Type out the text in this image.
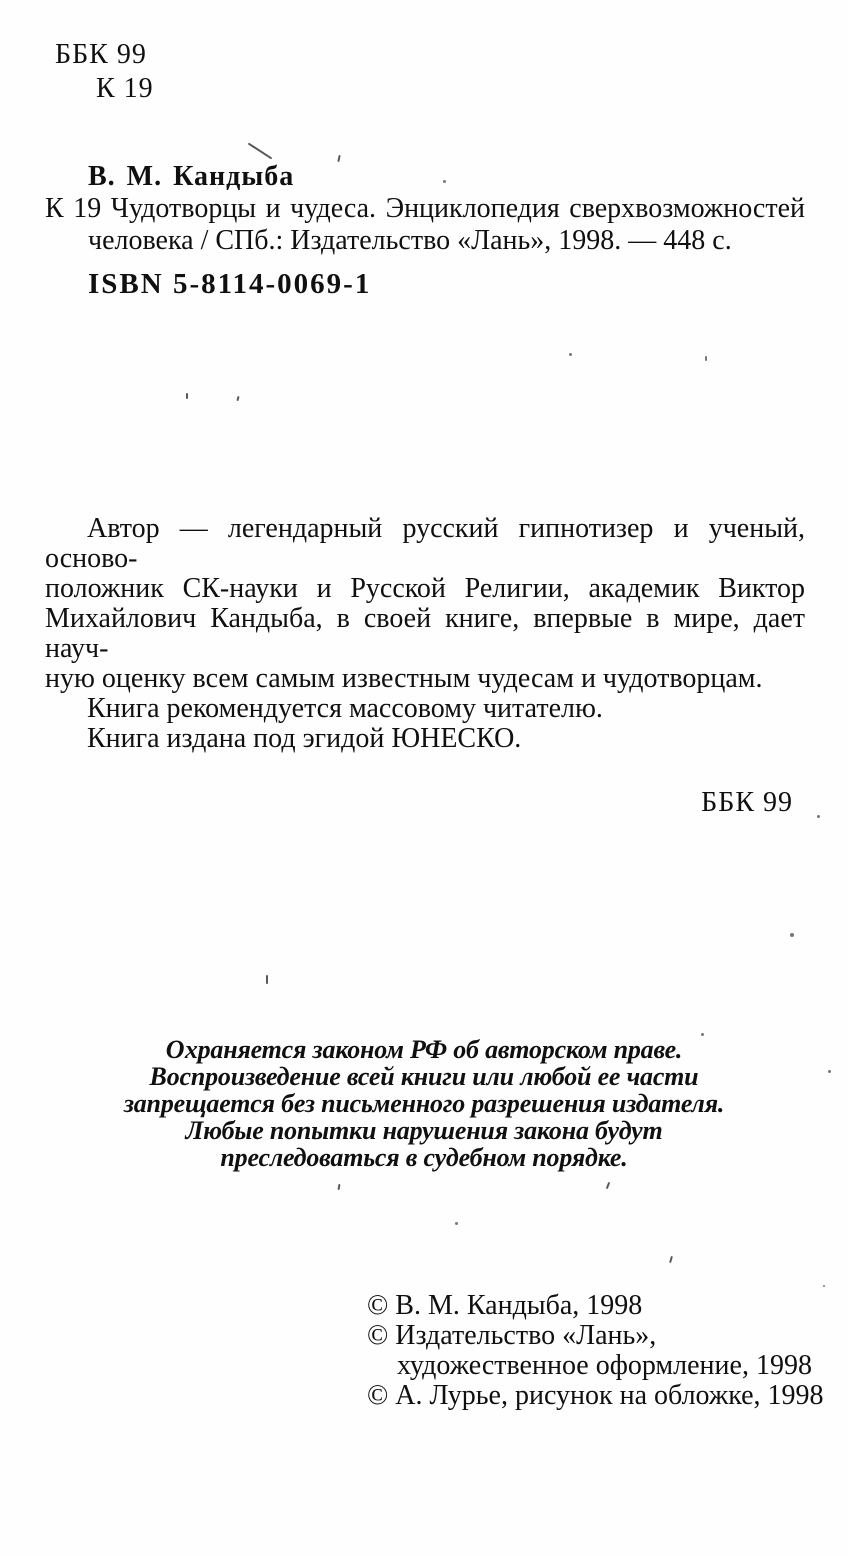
ББК 99
К 19
В. М. Кандыба
К 19 Чудотворцы и чудеса. Энциклопедия сверхвозможностей
человека / СПб.: Издательство «Лань», 1998. — 448 с.
ISBN 5-8114-0069-1
Автор — легендарный русский гипнотизер и ученый, осново-
положник СК-науки и Русской Религии, академик Виктор
Михайлович Кандыба, в своей книге, впервые в мире, дает науч-
ную оценку всем самым известным чудесам и чудотворцам.
Книга рекомендуется массовому читателю.
Книга издана под эгидой ЮНЕСКО.
ББК 99
Охраняется законом РФ об авторском праве.
Воспроизведение всей книги или любой ее части
запрещается без письменного разрешения издателя.
Любые попытки нарушения закона будут
преследоваться в судебном порядке.
© В. М. Кандыба, 1998
© Издательство «Лань»,
художественное оформление, 1998
© А. Лурье, рисунок на обложке, 1998
